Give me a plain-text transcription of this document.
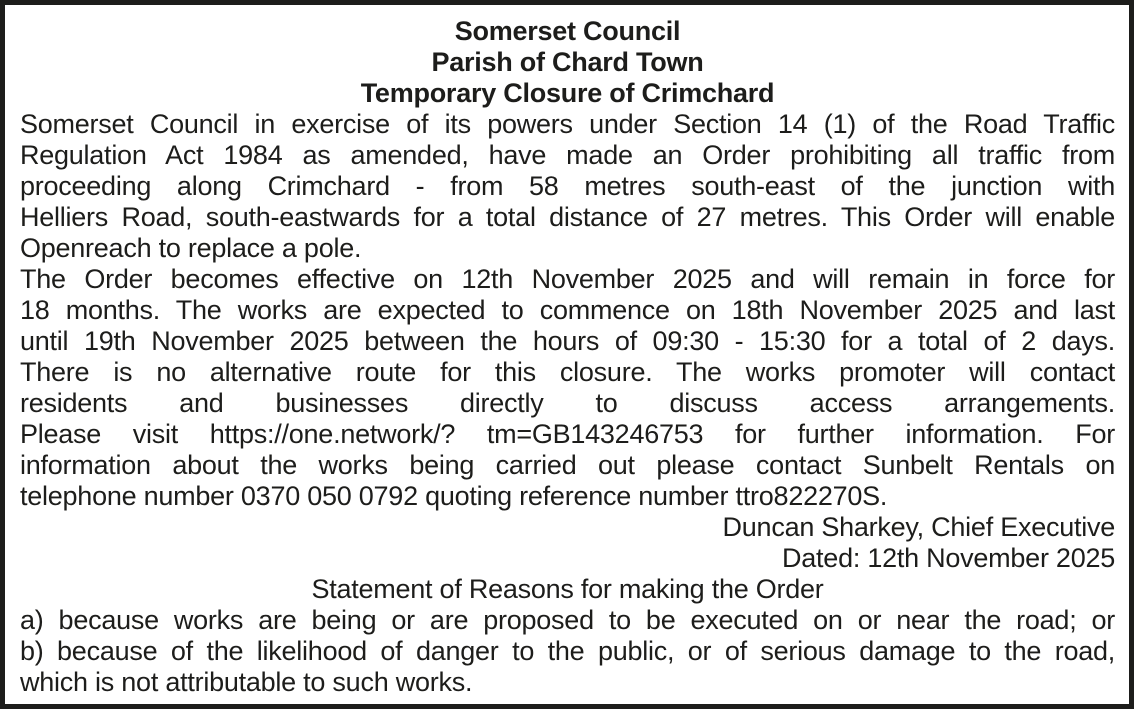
Somerset Council
Parish of Chard Town
Temporary Closure of Crimchard
Somerset Council in exercise of its powers under Section 14 (1) of the Road Traffic
Regulation Act 1984 as amended, have made an Order prohibiting all traffic from
proceeding along Crimchard - from 58 metres south-east of the junction with
Helliers Road, south-eastwards for a total distance of 27 metres. This Order will enable
Openreach to replace a pole.
The Order becomes effective on 12th November 2025 and will remain in force for
18 months. The works are expected to commence on 18th November 2025 and last
until 19th November 2025 between the hours of 09:30 - 15:30 for a total of 2 days.
There is no alternative route for this closure. The works promoter will contact
residents and businesses directly to discuss access arrangements.
Please visit https://one.network/? tm=GB143246753 for further information. For
information about the works being carried out please contact Sunbelt Rentals on
telephone number 0370 050 0792 quoting reference number ttro822270S.
Duncan Sharkey, Chief Executive
Dated: 12th November 2025
Statement of Reasons for making the Order
a) because works are being or are proposed to be executed on or near the road; or
b) because of the likelihood of danger to the public, or of serious damage to the road,
which is not attributable to such works.
